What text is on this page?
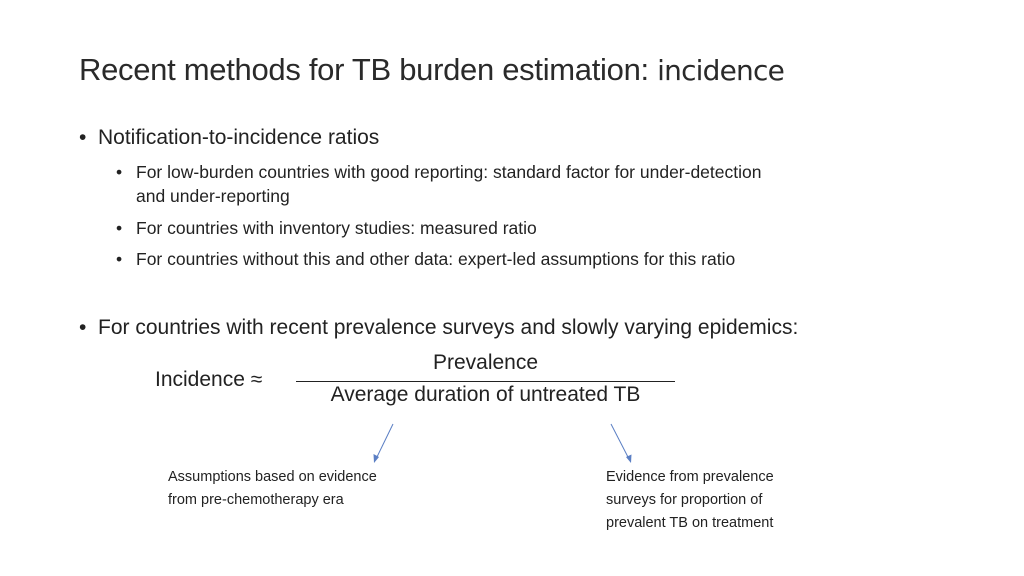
Recent methods for TB burden estimation: incidence
• Notification-to-incidence ratios
• For low-burden countries with good reporting: standard factor for under-detection
and under-reporting
• For countries with inventory studies: measured ratio
• For countries without this and other data: expert-led assumptions for this ratio
• For countries with recent prevalence surveys and slowly varying epidemics:
Incidence ≈
Prevalence
Average duration of untreated TB
Assumptions based on evidence
from pre-chemotherapy era
Evidence from prevalence
surveys for proportion of
prevalent TB on treatment
